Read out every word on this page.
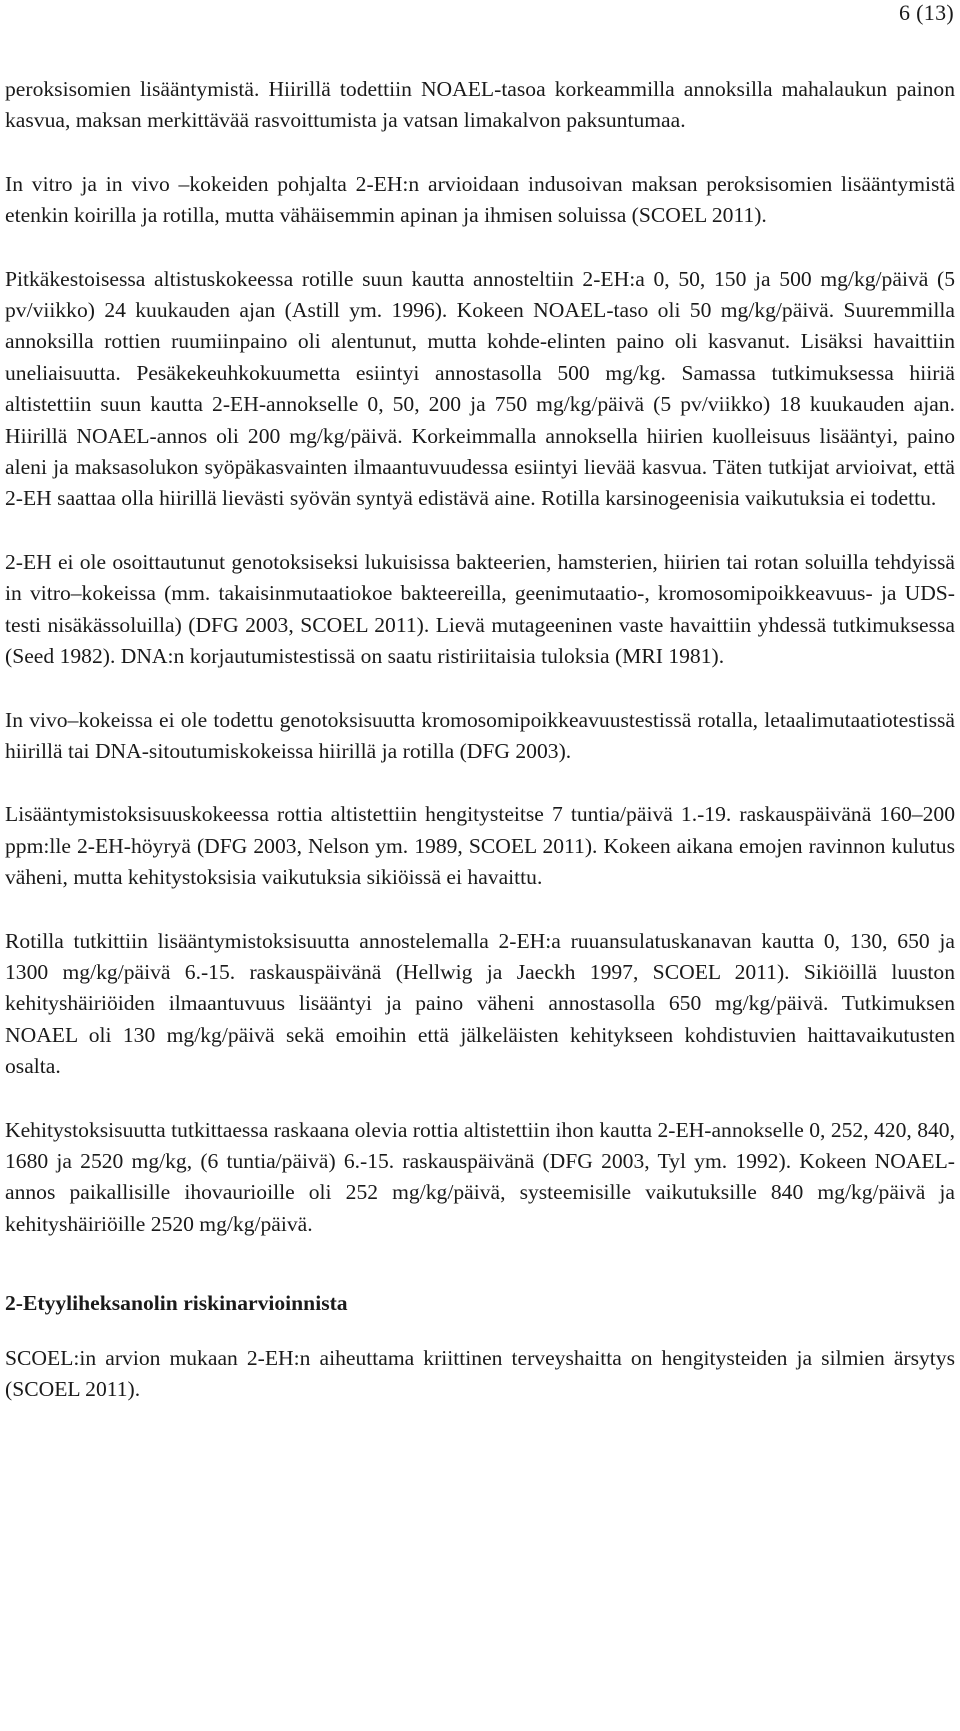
6 (13)

peroksisomien lisääntymistä. Hiirillä todettiin NOAEL-tasoa korkeammilla annoksilla mahalaukun painon kasvua, maksan merkittävää rasvoittumista ja vatsan limakalvon paksuntumaa.

In vitro ja in vivo –kokeiden pohjalta 2-EH:n arvioidaan indusoivan maksan peroksisomien lisääntymistä etenkin koirilla ja rotilla, mutta vähäisemmin apinan ja ihmisen soluissa (SCOEL 2011).

Pitkäkestoisessa altistuskokeessa rotille suun kautta annosteltiin 2-EH:a 0, 50, 150 ja 500 mg/kg/päivä (5 pv/viikko) 24 kuukauden ajan (Astill ym. 1996). Kokeen NOAEL-taso oli 50 mg/kg/päivä. Suuremmilla annoksilla rottien ruumiinpaino oli alentunut, mutta kohde-elinten paino oli kasvanut. Lisäksi havaittiin uneliaisuutta. Pesäkekeuhkokuumetta esiintyi annostasolla 500 mg/kg. Samassa tutkimuksessa hiiriä altistettiin suun kautta 2-EH-annokselle 0, 50, 200 ja 750 mg/kg/päivä (5 pv/viikko) 18 kuukauden ajan. Hiirillä NOAEL-annos oli 200 mg/kg/päivä. Korkeimmalla annoksella hiirien kuolleisuus lisääntyi, paino aleni ja maksasolukon syöpäkasvainten ilmaantuvuudessa esiintyi lievää kasvua. Täten tutkijat arvioivat, että 2-EH saattaa olla hiirillä lievästi syövän syntyä edistävä aine. Rotilla karsinogeenisia vaikutuksia ei todettu.

2-EH ei ole osoittautunut genotoksiseksi lukuisissa bakteerien, hamsterien, hiirien tai rotan soluilla tehdyissä in vitro–kokeissa (mm. takaisinmutaatiokoe bakteereilla, geenimutaatio-, kromosomipoikkeavuus- ja UDS-testi nisäkässoluilla) (DFG 2003, SCOEL 2011). Lievä mutageeninen vaste havaittiin yhdessä tutkimuksessa (Seed 1982). DNA:n korjautumistestissä on saatu ristiriitaisia tuloksia (MRI 1981).

In vivo–kokeissa ei ole todettu genotoksisuutta kromosomipoikkeavuustestissä rotalla, letaalimutaatiotestissä hiirillä tai DNA-sitoutumiskokeissa hiirillä ja rotilla (DFG 2003).

Lisääntymistoksisuuskokeessa rottia altistettiin hengitysteitse 7 tuntia/päivä 1.-19. raskauspäivänä 160–200 ppm:lle 2-EH-höyryä (DFG 2003, Nelson ym. 1989, SCOEL 2011). Kokeen aikana emojen ravinnon kulutus väheni, mutta kehitystoksisia vaikutuksia sikiöissä ei havaittu.

Rotilla tutkittiin lisääntymistoksisuutta annostelemalla 2-EH:a ruuansulatuskanavan kautta 0, 130, 650 ja 1300 mg/kg/päivä 6.-15. raskauspäivänä (Hellwig ja Jaeckh 1997, SCOEL 2011). Sikiöillä luuston kehityshäiriöiden ilmaantuvuus lisääntyi ja paino väheni annostasolla 650 mg/kg/päivä. Tutkimuksen NOAEL oli 130 mg/kg/päivä sekä emoihin että jälkeläisten kehitykseen kohdistuvien haittavaikutusten osalta.

Kehitystoksisuutta tutkittaessa raskaana olevia rottia altistettiin ihon kautta 2-EH-annokselle 0, 252, 420, 840, 1680 ja 2520 mg/kg, (6 tuntia/päivä) 6.-15. raskauspäivänä (DFG 2003, Tyl ym. 1992). Kokeen NOAEL-annos paikallisille ihovaurioille oli 252 mg/kg/päivä, systeemisille vaikutuksille 840 mg/kg/päivä ja kehityshäiriöille 2520 mg/kg/päivä.

2-Etyyliheksanolin riskinarvioinnista

SCOEL:in arvion mukaan 2-EH:n aiheuttama kriittinen terveyshaitta on hengitysteiden ja silmien ärsytys (SCOEL 2011).
